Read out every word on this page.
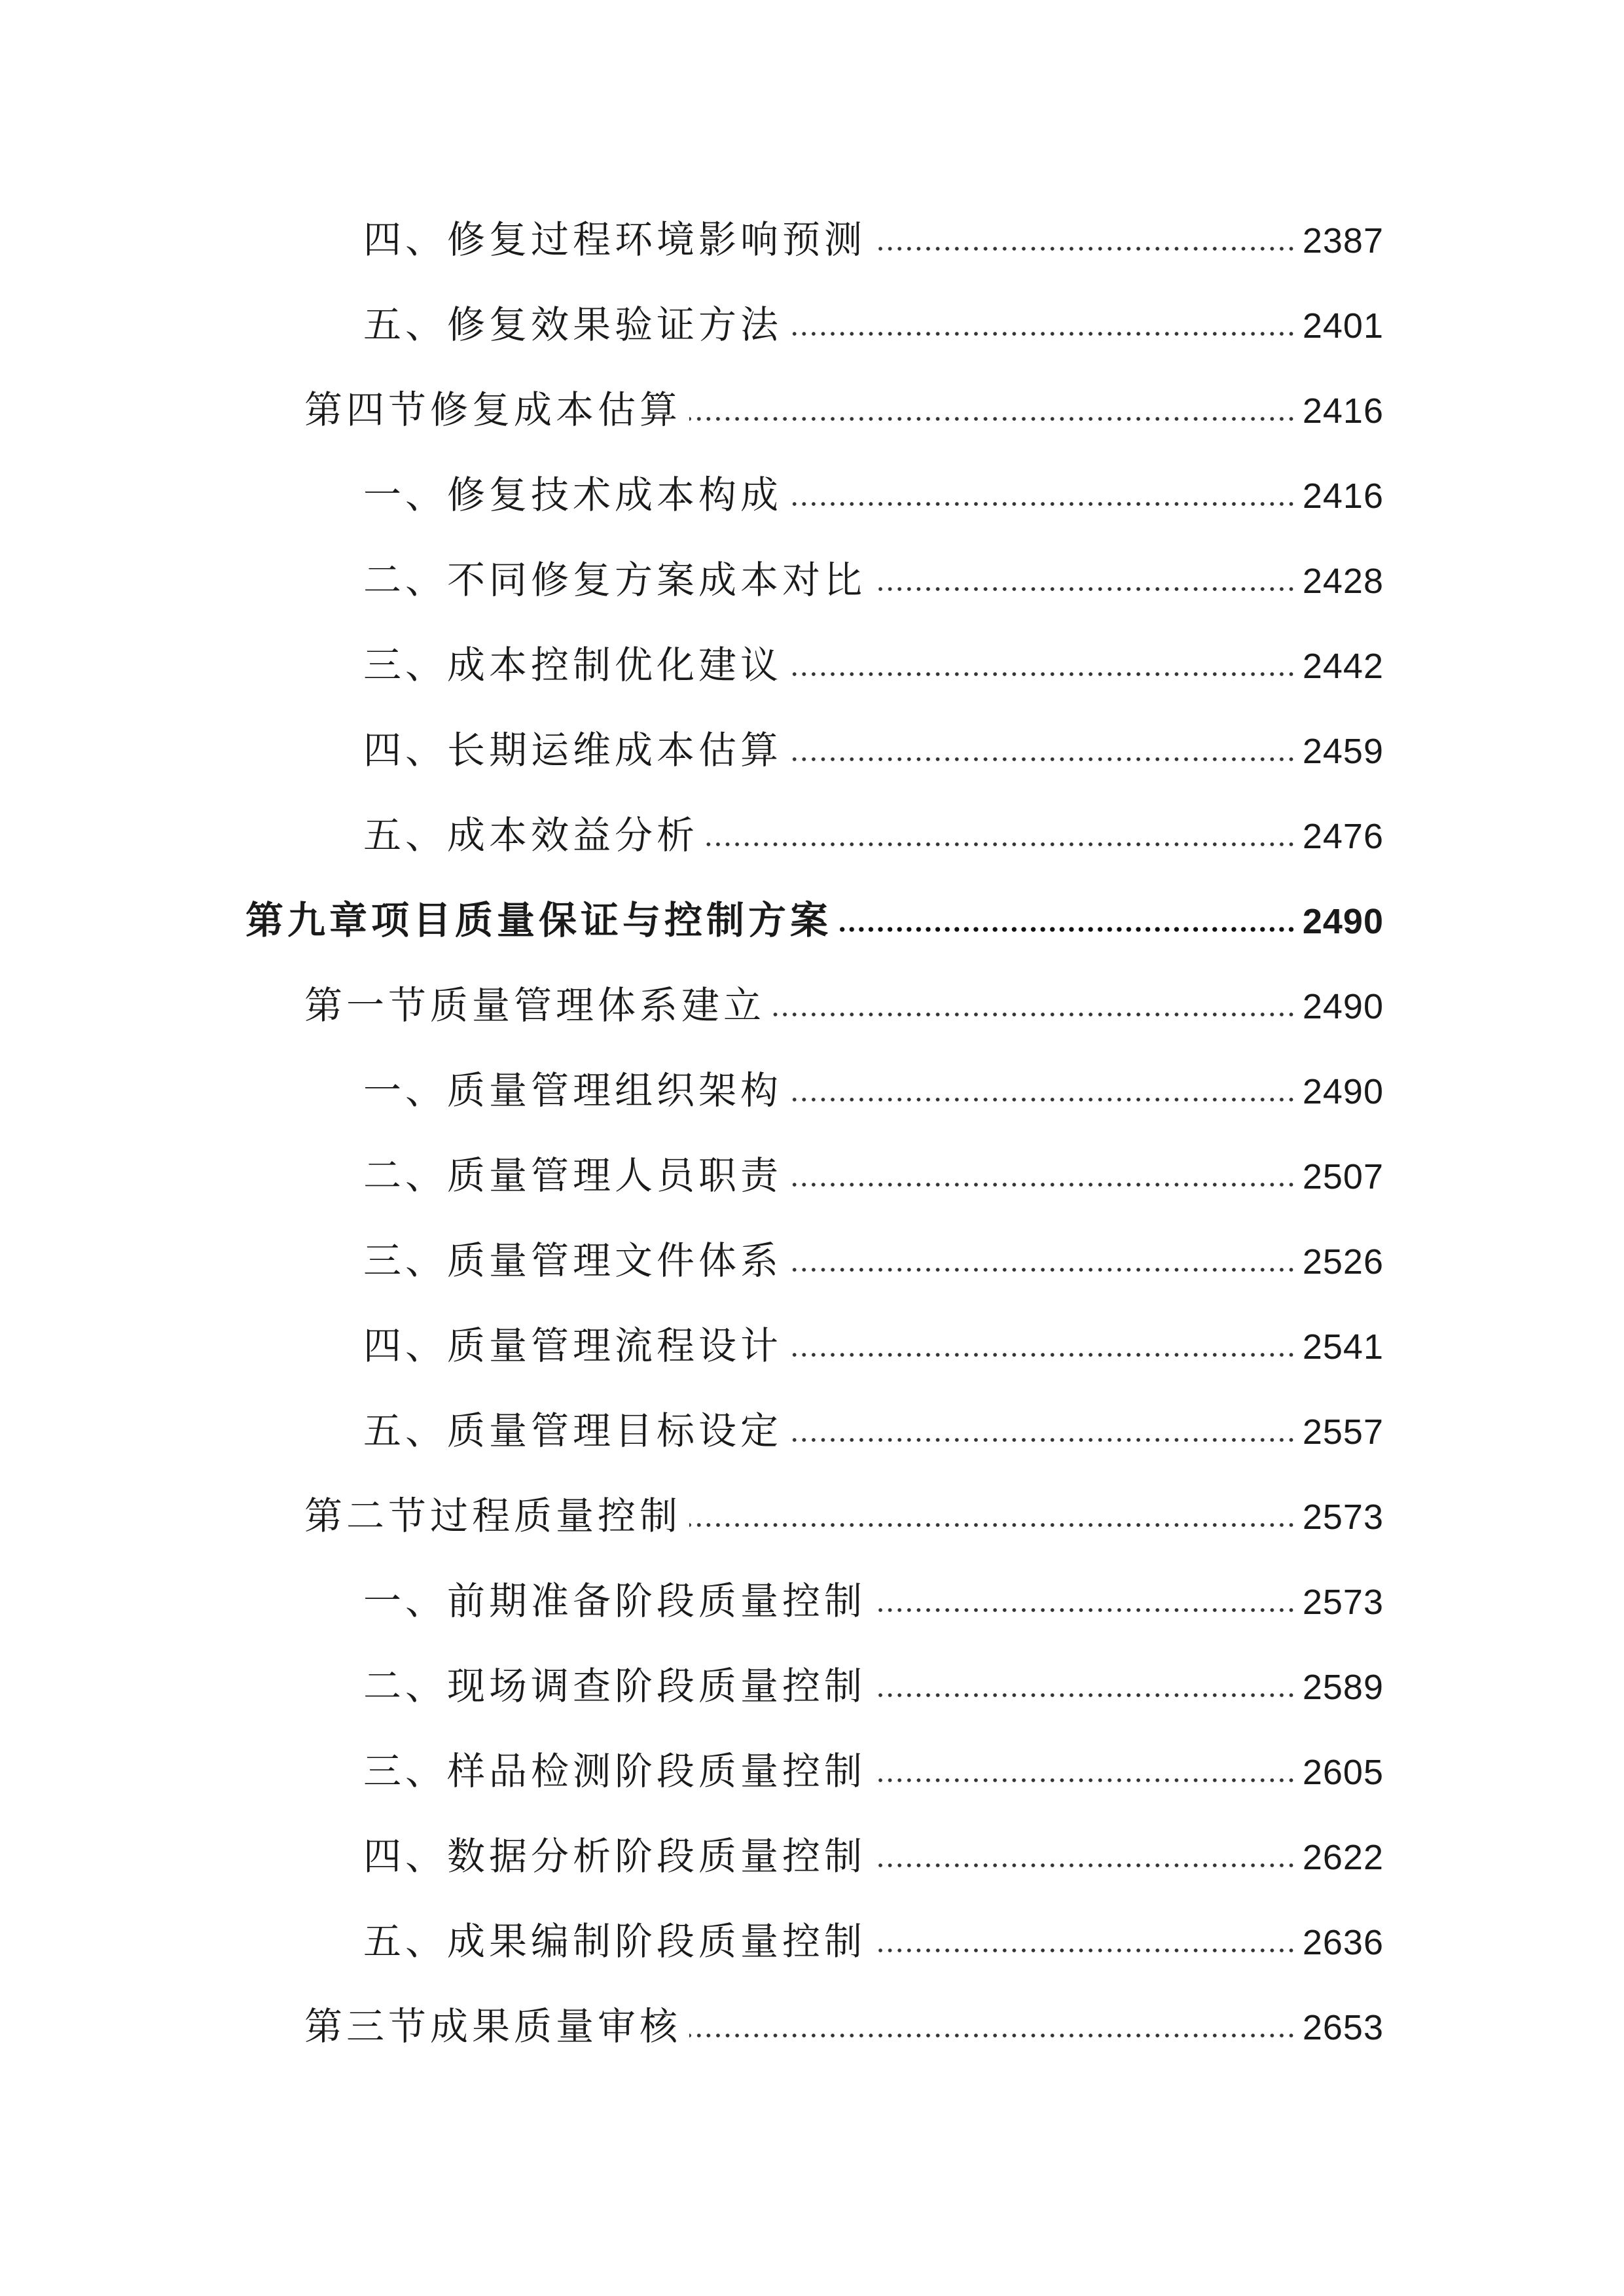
四、修复过程环境影响预测	2387
五、修复效果验证方法	2401
第四节修复成本估算	2416
一、修复技术成本构成	2416
二、不同修复方案成本对比	2428
三、成本控制优化建议	2442
四、长期运维成本估算	2459
五、成本效益分析	2476
第九章项目质量保证与控制方案	2490
第一节质量管理体系建立	2490
一、质量管理组织架构	2490
二、质量管理人员职责	2507
三、质量管理文件体系	2526
四、质量管理流程设计	2541
五、质量管理目标设定	2557
第二节过程质量控制	2573
一、前期准备阶段质量控制	2573
二、现场调查阶段质量控制	2589
三、样品检测阶段质量控制	2605
四、数据分析阶段质量控制	2622
五、成果编制阶段质量控制	2636
第三节成果质量审核	2653
